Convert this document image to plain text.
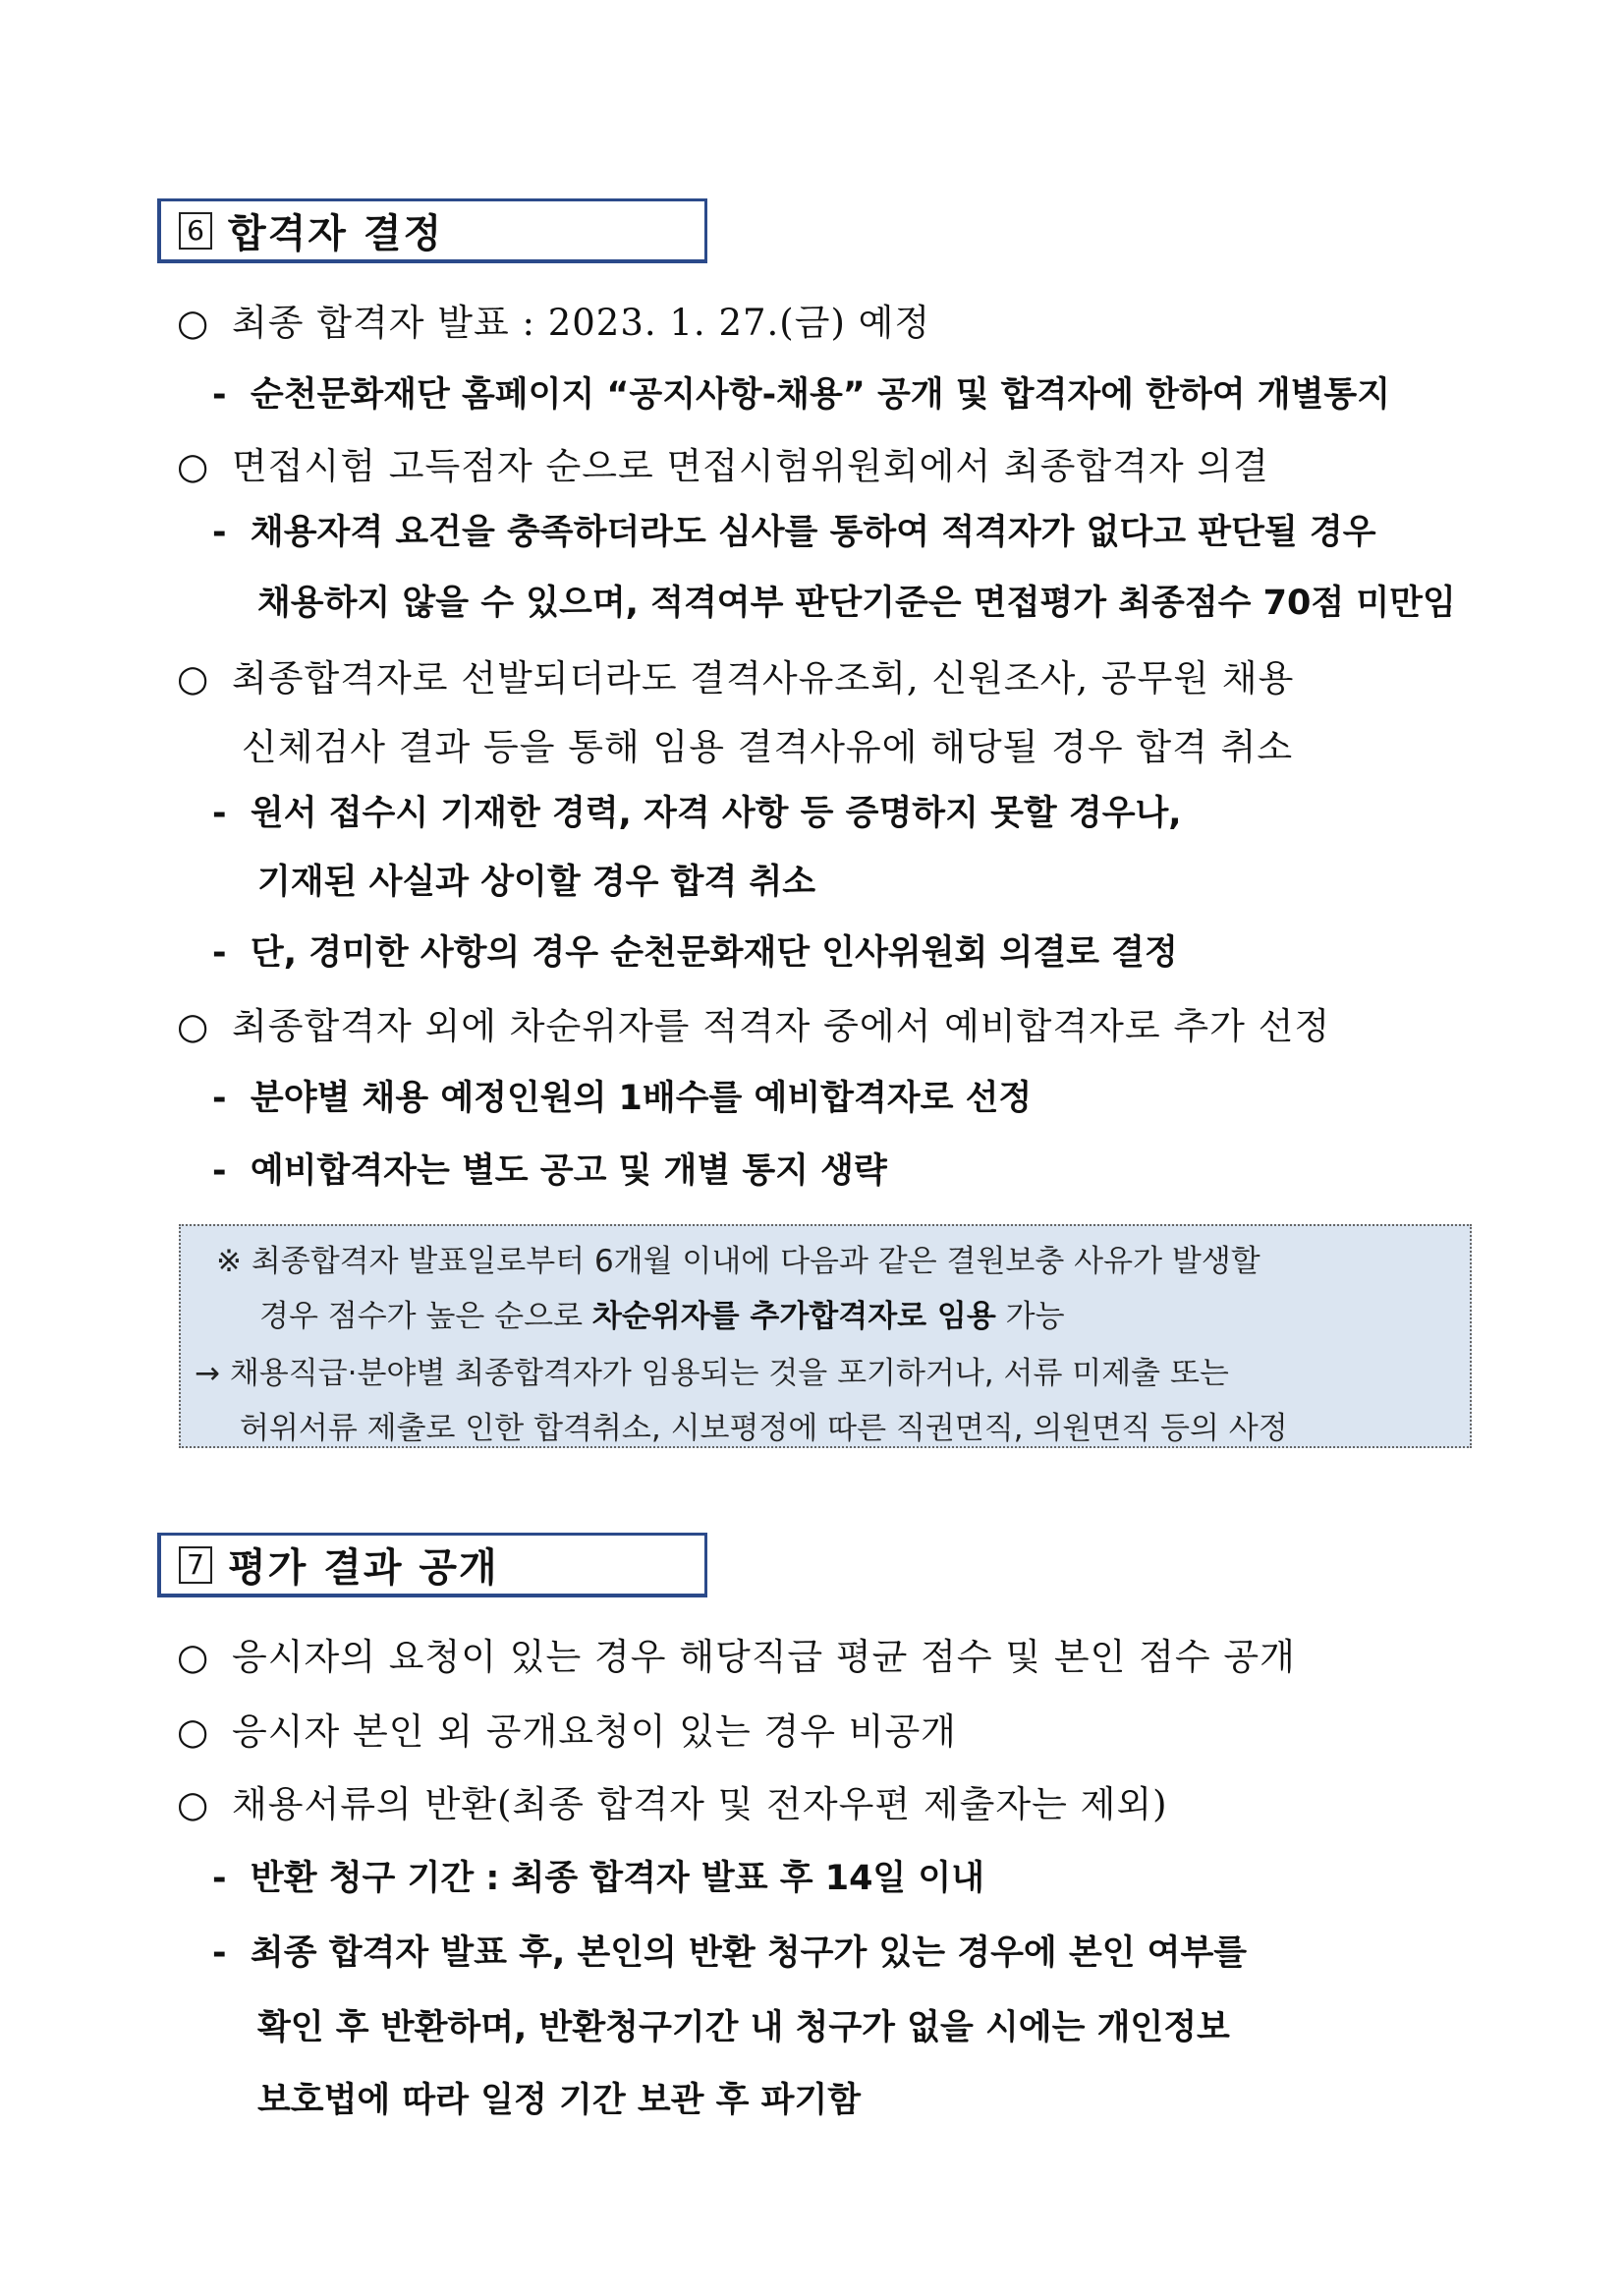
6 합격자 결정
○ 최종 합격자 발표 : 2023. 1. 27.(금) 예정
- 순천문화재단 홈페이지 “공지사항-채용” 공개 및 합격자에 한하여 개별통지
○ 면접시험 고득점자 순으로 면접시험위원회에서 최종합격자 의결
- 채용자격 요건을 충족하더라도 심사를 통하여 적격자가 없다고 판단될 경우
채용하지 않을 수 있으며, 적격여부 판단기준은 면접평가 최종점수 70점 미만임
○ 최종합격자로 선발되더라도 결격사유조회, 신원조사, 공무원 채용
신체검사 결과 등을 통해 임용 결격사유에 해당될 경우 합격 취소
- 원서 접수시 기재한 경력, 자격 사항 등 증명하지 못할 경우나,
기재된 사실과 상이할 경우 합격 취소
- 단, 경미한 사항의 경우 순천문화재단 인사위원회 의결로 결정
○ 최종합격자 외에 차순위자를 적격자 중에서 예비합격자로 추가 선정
- 분야별 채용 예정인원의 1배수를 예비합격자로 선정
- 예비합격자는 별도 공고 및 개별 통지 생략
※ 최종합격자 발표일로부터 6개월 이내에 다음과 같은 결원보충 사유가 발생할
경우 점수가 높은 순으로 차순위자를 추가합격자로 임용 가능
→ 채용직급·분야별 최종합격자가 임용되는 것을 포기하거나, 서류 미제출 또는
허위서류 제출로 인한 합격취소, 시보평정에 따른 직권면직, 의원면직 등의 사정
7 평가 결과 공개
○ 응시자의 요청이 있는 경우 해당직급 평균 점수 및 본인 점수 공개
○ 응시자 본인 외 공개요청이 있는 경우 비공개
○ 채용서류의 반환(최종 합격자 및 전자우편 제출자는 제외)
- 반환 청구 기간 : 최종 합격자 발표 후 14일 이내
- 최종 합격자 발표 후, 본인의 반환 청구가 있는 경우에 본인 여부를
확인 후 반환하며, 반환청구기간 내 청구가 없을 시에는 개인정보
보호법에 따라 일정 기간 보관 후 파기함
